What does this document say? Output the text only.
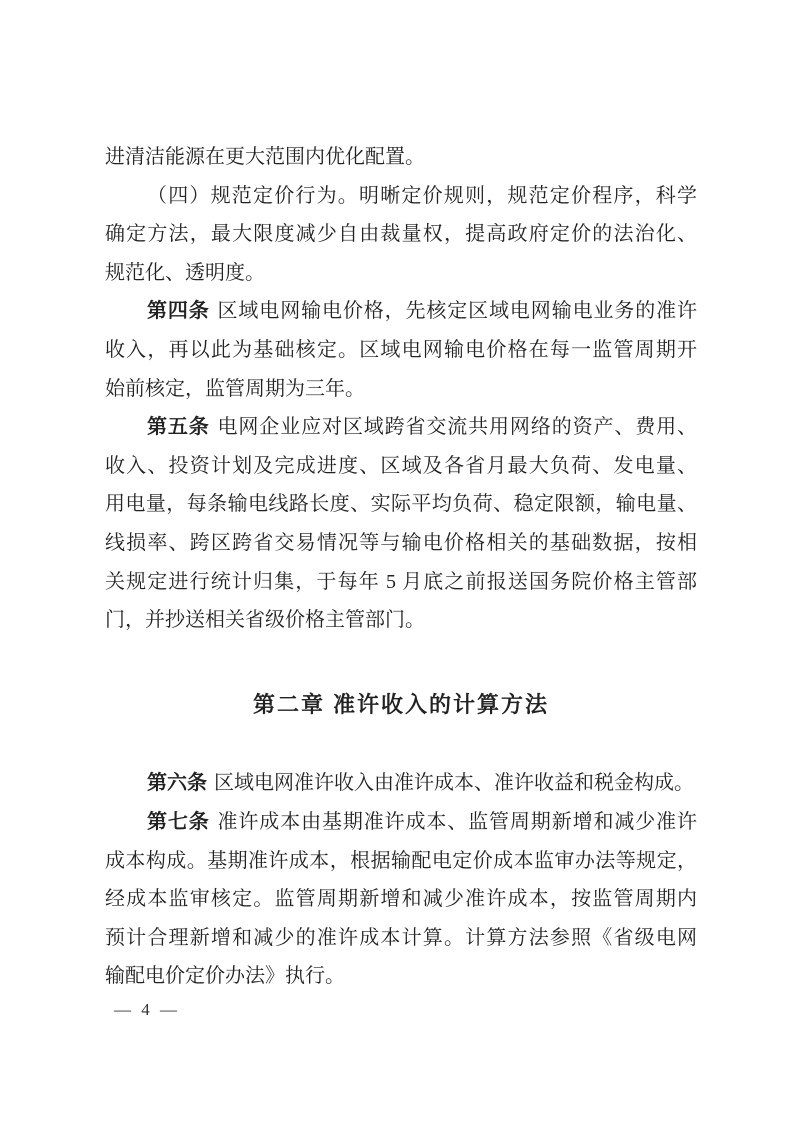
进清洁能源在更大范围内优化配置。
（四）规范定价行为。明晰定价规则，规范定价程序，科学
确定方法，最大限度减少自由裁量权，提高政府定价的法治化、
规范化、透明度。
第四条 区域电网输电价格，先核定区域电网输电业务的准许
收入，再以此为基础核定。区域电网输电价格在每一监管周期开
始前核定，监管周期为三年。
第五条 电网企业应对区域跨省交流共用网络的资产、费用、
收入、投资计划及完成进度、区域及各省月最大负荷、发电量、
用电量，每条输电线路长度、实际平均负荷、稳定限额，输电量、
线损率、跨区跨省交易情况等与输电价格相关的基础数据，按相
关规定进行统计归集，于每年 5 月底之前报送国务院价格主管部
门，并抄送相关省级价格主管部门。
第二章 准许收入的计算方法
第六条 区域电网准许收入由准许成本、准许收益和税金构成。
第七条 准许成本由基期准许成本、监管周期新增和减少准许
成本构成。基期准许成本，根据输配电定价成本监审办法等规定，
经成本监审核定。监管周期新增和减少准许成本，按监管周期内
预计合理新增和减少的准许成本计算。计算方法参照《省级电网
输配电价定价办法》执行。
— 4 —
